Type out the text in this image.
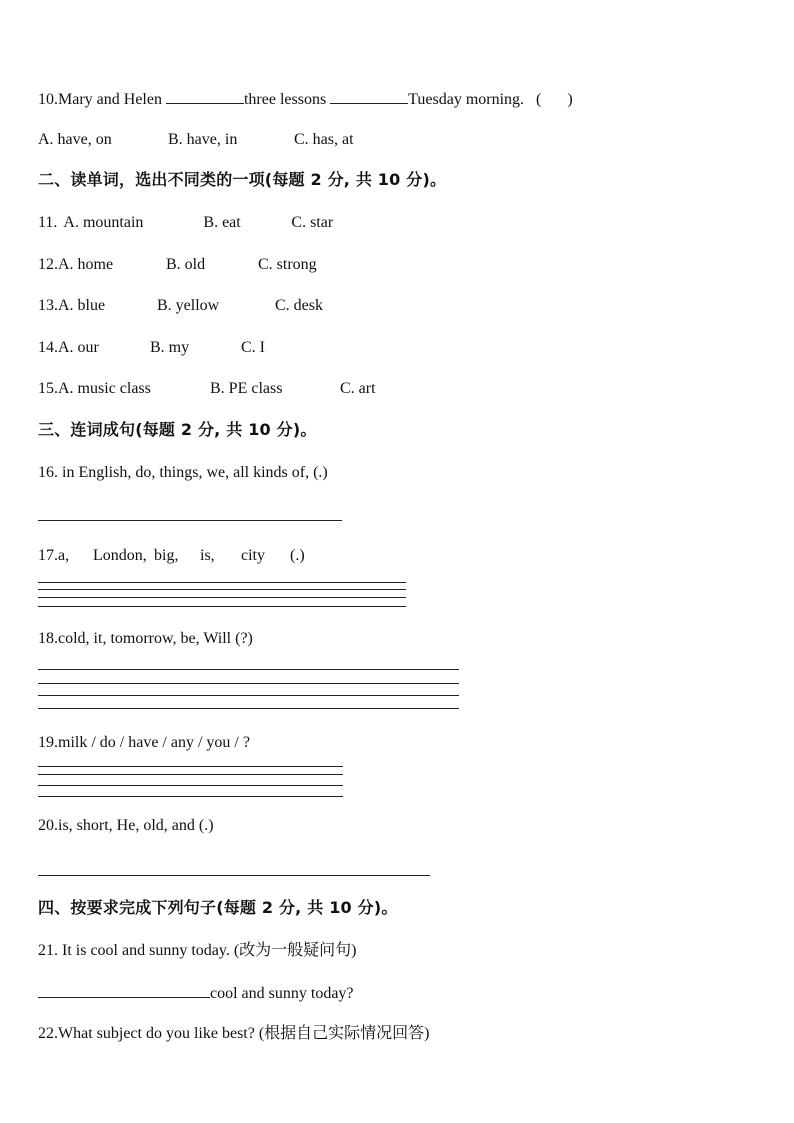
10.Mary and Helen	three lessons	Tuesday morning. ( )
A. have, on	B. have, in	C. has, at
二、读单词，选出不同类的一项(每题 2 分, 共 10 分)。
11. A. mountain	B. eat	C. star
12.A. home	B. old	C. strong
13.A. blue	B. yellow	C. desk
14.A. our	B. my	C. I
15.A. music class	B. PE class	C. art
三、连词成句(每题 2 分, 共 10 分)。
16. in English, do, things, we, all kinds of, (.)
17.a, London, big, is, city (.)
18.cold, it, tomorrow, be, Will (?)
19.milk / do / have / any / you / ?
20.is, short, He, old, and (.)
四、按要求完成下列句子(每题 2 分, 共 10 分)。
21. It is cool and sunny today. (改为一般疑问句)
cool and sunny today?
22.What subject do you like best? (根据自己实际情况回答)
